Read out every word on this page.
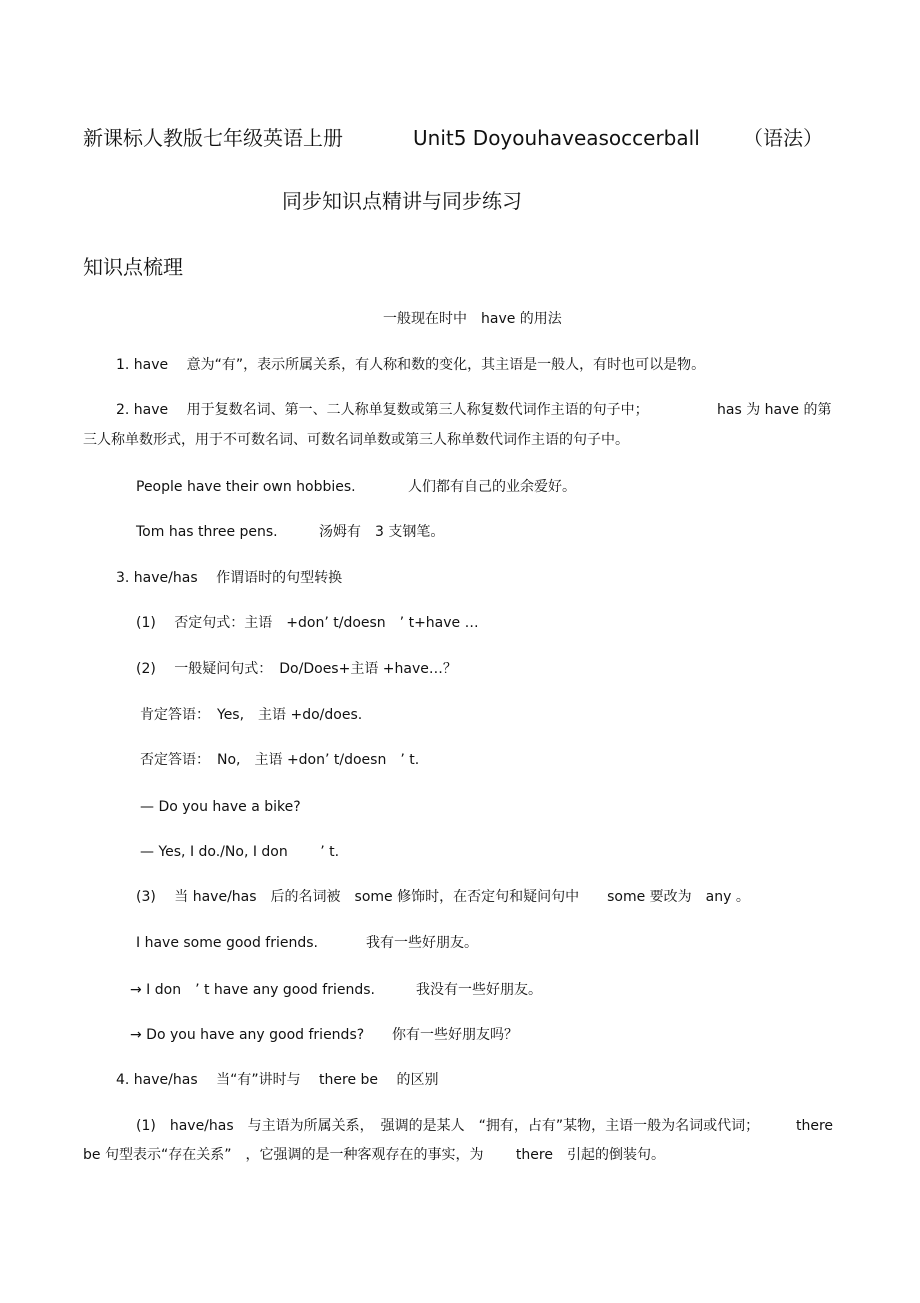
新课标人教版七年级英语上册	Unit5 Doyouhaveasoccerball （语法）
同步知识点精讲与同步练习
知识点梳理
一般现在时中　have 的用法
1. have　 意为“有”，表示所属关系，有人称和数的变化，其主语是一般人，有时也可以是物。
2. have　 用于复数名词、第一、二人称单复数或第三人称复数代词作主语的句子中；	has 为 have 的第
三人称单数形式，用于不可数名词、可数名词单数或第三人称单数代词作主语的句子中。
People have their own hobbies.	人们都有自己的业余爱好。
Tom has three pens.	汤姆有　3 支钢笔。
3. have/has　 作谓语时的句型转换
(1)　 否定句式：主语　+don’ t/doesn　’ t+have …
(2)　 一般疑问句式：　Do/Does+主语 +have…？
肯定答语：　Yes,　主语 +do/does.
否定答语：　No,　主语 +don’ t/doesn　’ t.
— Do you have a bike?
— Yes, I do./No, I don　　 ’ t.
(3)　 当 have/has　后的名词被　some 修饰时，在否定句和疑问句中　　some 要改为　any 。
I have some good friends.	我有一些好朋友。
→ I don　’ t have any good friends.	我没有一些好朋友。
→ Do you have any good friends? 你有一些好朋友吗？
4. have/has　 当“有”讲时与　 there be　 的区别
(1)　have/has　与主语为所属关系，　强调的是某人　“拥有，占有”某物，主语一般为名词或代词；	there
be 句型表示“存在关系”　，它强调的是一种客观存在的事实，为　　 there　引起的倒装句。
